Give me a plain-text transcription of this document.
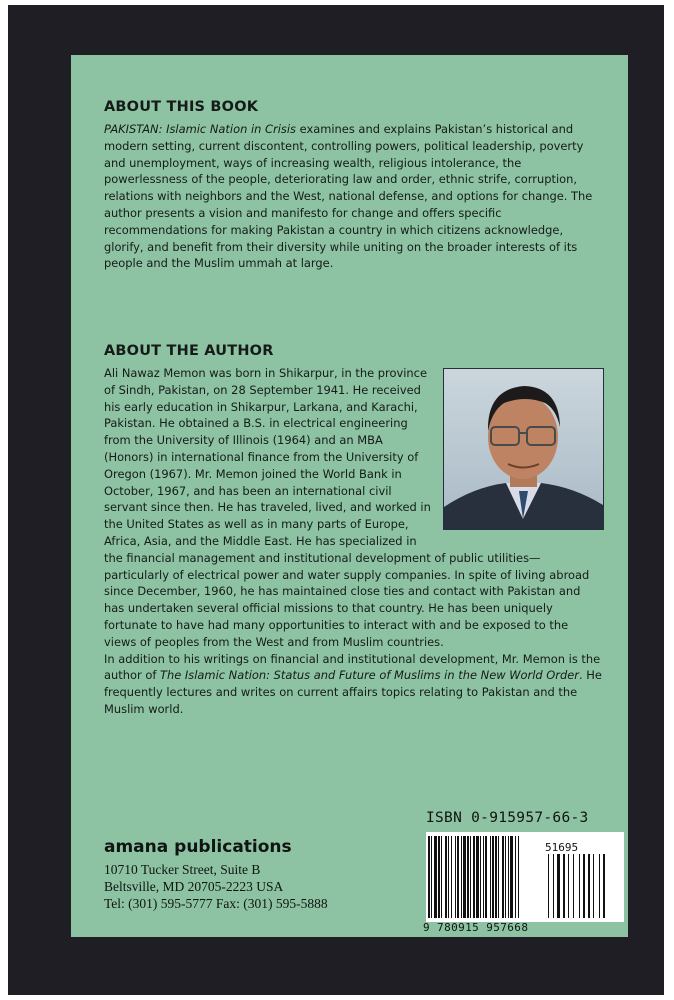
ABOUT THIS BOOK

PAKISTAN: Islamic Nation in Crisis examines and explains Pakistan’s historical and modern setting, current discontent, controlling powers, political leadership, poverty and unemployment, ways of increasing wealth, religious intolerance, the powerlessness of the people, deteriorating law and order, ethnic strife, corruption, relations with neighbors and the West, national defense, and options for change. The author presents a vision and manifesto for change and offers specific recommendations for making Pakistan a country in which citizens acknowledge, glorify, and benefit from their diversity while uniting on the broader interests of its people and the Muslim ummah at large.

ABOUT THE AUTHOR

Ali Nawaz Memon was born in Shikarpur, in the province of Sindh, Pakistan, on 28 September 1941. He received his early education in Shikarpur, Larkana, and Karachi, Pakistan. He obtained a B.S. in electrical engineering from the University of Illinois (1964) and an MBA (Honors) in international finance from the University of Oregon (1967). Mr. Memon joined the World Bank in October, 1967, and has been an international civil servant since then. He has traveled, lived, and worked in the United States as well as in many parts of Europe, Africa, Asia, and the Middle East. He has specialized in the financial management and institutional development of public utilities—particularly of electrical power and water supply companies. In spite of living abroad since December, 1960, he has maintained close ties and contact with Pakistan and has undertaken several official missions to that country. He has been uniquely fortunate to have had many opportunities to interact with and be exposed to the views of peoples from the West and from Muslim countries.

In addition to his writings on financial and institutional development, Mr. Memon is the author of The Islamic Nation: Status and Future of Muslims in the New World Order. He frequently lectures and writes on current affairs topics relating to Pakistan and the Muslim world.

amana publications
10710 Tucker Street, Suite B
Beltsville, MD 20705-2223 USA
Tel: (301) 595-5777 Fax: (301) 595-5888
ISBN 0-915957-66-3
51695
9 780915 957668
